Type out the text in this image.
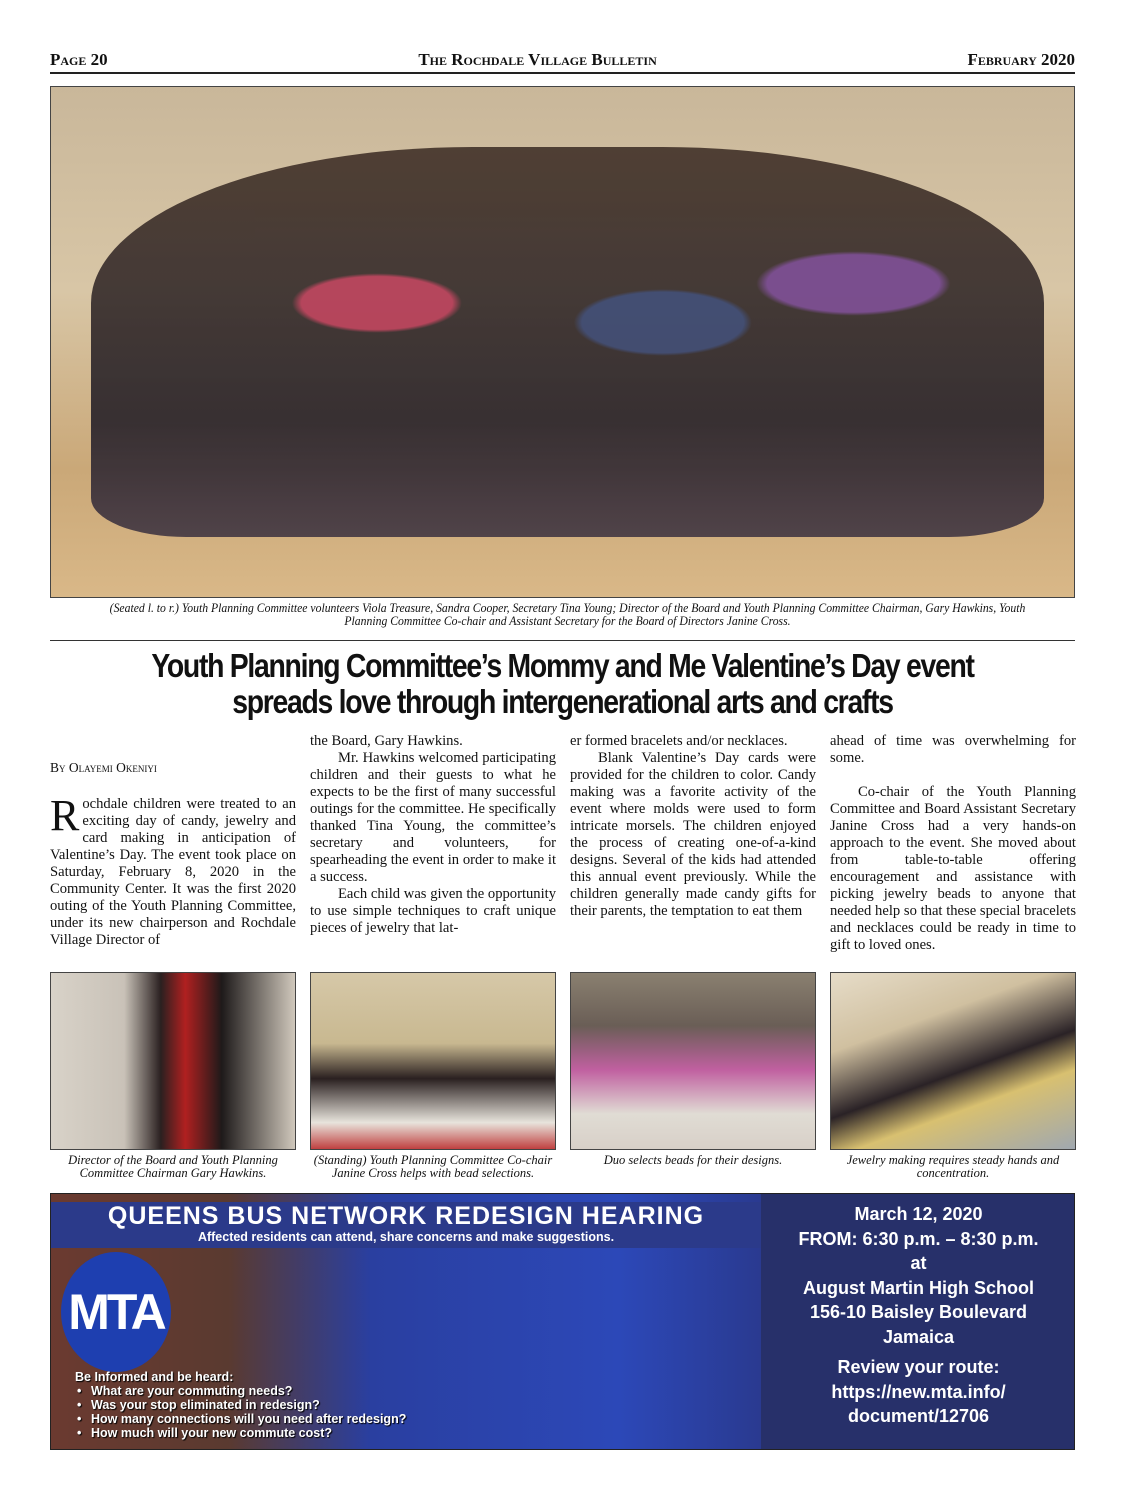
Page 20	The Rochdale Village Bulletin	February 2020
(Seated l. to r.) Youth Planning Committee volunteers Viola Treasure, Sandra Cooper, Secretary Tina Young; Director of the Board and Youth Planning Committee Chairman, Gary Hawkins, Youth Planning Committee Co-chair and Assistant Secretary for the Board of Directors Janine Cross.
Youth Planning Committee’s Mommy and Me Valentine’s Day event spreads love through intergenerational arts and crafts
By Olayemi Okeniyi

Rochdale children were treated to an exciting day of candy, jewelry and card making in anticipation of Valentine’s Day. The event took place on Saturday, February 8, 2020 in the Community Center. It was the first 2020 outing of the Youth Planning Committee, under its new chairperson and Rochdale Village Director of

the Board, Gary Hawkins.

Mr. Hawkins welcomed participating children and their guests to what he expects to be the first of many successful outings for the committee. He specifically thanked Tina Young, the committee’s secretary and volunteers, for spearheading the event in order to make it a success.

Each child was given the opportunity to use simple techniques to craft unique pieces of jewelry that lat-

er formed bracelets and/or necklaces.

Blank Valentine’s Day cards were provided for the children to color. Candy making was a favorite activity of the event where molds were used to form intricate morsels. The children enjoyed the process of creating one-of-a-kind designs. Several of the kids had attended this annual event previously. While the children generally made candy gifts for their parents, the temptation to eat them

ahead of time was overwhelming for some.

Co-chair of the Youth Planning Committee and Board Assistant Secretary Janine Cross had a very hands-on approach to the event. She moved about from table-to-table offering encouragement and assistance with picking jewelry beads to anyone that needed help so that these special bracelets and necklaces could be ready in time to gift to loved ones.

Director of the Board and Youth Planning Committee Chairman Gary Hawkins.
(Standing) Youth Planning Committee Co-chair Janine Cross helps with bead selections.
Duo selects beads for their designs.	Jewelry making requires steady hands and concentration.
QUEENS BUS NETWORK REDESIGN HEARING
Affected residents can attend, share concerns and make suggestions.
MTA
Be Informed and be heard:
• What are your commuting needs?
• Was your stop eliminated in redesign?
• How many connections will you need after redesign?
• How much will your new commute cost?
March 12, 2020
FROM: 6:30 p.m. – 8:30 p.m.
at
August Martin High School
156-10 Baisley Boulevard
Jamaica
Review your route:
https://new.mta.info/
document/12706
